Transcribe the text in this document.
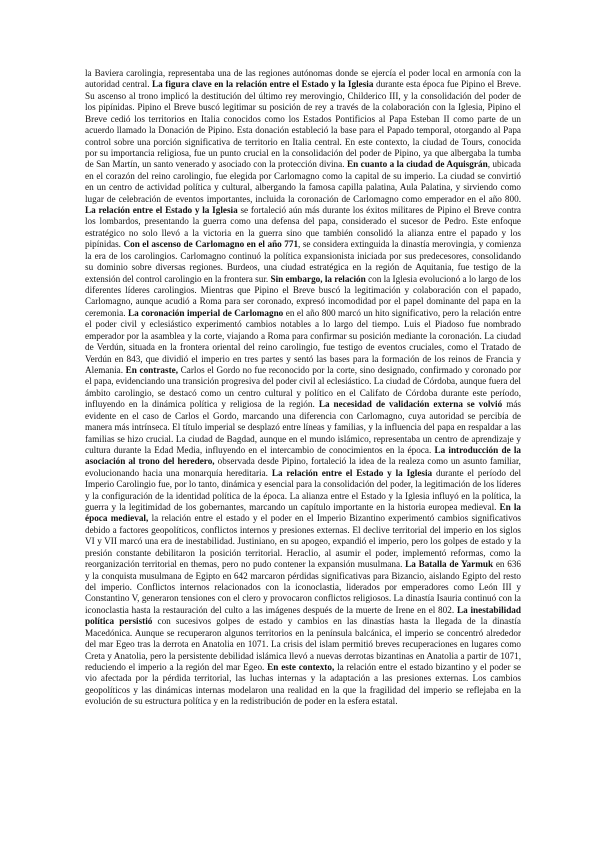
la Baviera carolingia, representaba una de las regiones autónomas donde se ejercía el poder local en armonía con la autoridad central. La figura clave en la relación entre el Estado y la Iglesia durante esta época fue Pipino el Breve. Su ascenso al trono implicó la destitución del último rey merovingio, Childerico III, y la consolidación del poder de los pipínidas. Pipino el Breve buscó legitimar su posición de rey a través de la colaboración con la Iglesia, Pipino el Breve cedió los territorios en Italia conocidos como los Estados Pontificios al Papa Esteban II como parte de un acuerdo llamado la Donación de Pipino. Esta donación estableció la base para el Papado temporal, otorgando al Papa control sobre una porción significativa de territorio en Italia central. En este contexto, la ciudad de Tours, conocida por su importancia religiosa, fue un punto crucial en la consolidación del poder de Pipino, ya que albergaba la tumba de San Martín, un santo venerado y asociado con la protección divina. En cuanto a la ciudad de Aquisgrán, ubicada en el corazón del reino carolingio, fue elegida por Carlomagno como la capital de su imperio. La ciudad se convirtió en un centro de actividad política y cultural, albergando la famosa capilla palatina, Aula Palatina, y sirviendo como lugar de celebración de eventos importantes, incluida la coronación de Carlomagno como emperador en el año 800. La relación entre el Estado y la Iglesia se fortaleció aún más durante los éxitos militares de Pipino el Breve contra los lombardos, presentando la guerra como una defensa del papa, considerado el sucesor de Pedro. Este enfoque estratégico no solo llevó a la victoria en la guerra sino que también consolidó la alianza entre el papado y los pipínidas. Con el ascenso de Carlomagno en el año 771, se considera extinguida la dinastía merovingia, y comienza la era de los carolingios. Carlomagno continuó la política expansionista iniciada por sus predecesores, consolidando su dominio sobre diversas regiones. Burdeos, una ciudad estratégica en la región de Aquitania, fue testigo de la extensión del control carolingio en la frontera sur. Sin embargo, la relación con la Iglesia evolucionó a lo largo de los diferentes líderes carolingios. Mientras que Pipino el Breve buscó la legitimación y colaboración con el papado, Carlomagno, aunque acudió a Roma para ser coronado, expresó incomodidad por el papel dominante del papa en la ceremonia. La coronación imperial de Carlomagno en el año 800 marcó un hito significativo, pero la relación entre el poder civil y eclesiástico experimentó cambios notables a lo largo del tiempo. Luis el Piadoso fue nombrado emperador por la asamblea y la corte, viajando a Roma para confirmar su posición mediante la coronación. La ciudad de Verdún, situada en la frontera oriental del reino carolingio, fue testigo de eventos cruciales, como el Tratado de Verdún en 843, que dividió el imperio en tres partes y sentó las bases para la formación de los reinos de Francia y Alemania. En contraste, Carlos el Gordo no fue reconocido por la corte, sino designado, confirmado y coronado por el papa, evidenciando una transición progresiva del poder civil al eclesiástico. La ciudad de Córdoba, aunque fuera del ámbito carolingio, se destacó como un centro cultural y político en el Califato de Córdoba durante este período, influyendo en la dinámica política y religiosa de la región. La necesidad de validación externa se volvió más evidente en el caso de Carlos el Gordo, marcando una diferencia con Carlomagno, cuya autoridad se percibía de manera más intrínseca. El título imperial se desplazó entre líneas y familias, y la influencia del papa en respaldar a las familias se hizo crucial. La ciudad de Bagdad, aunque en el mundo islámico, representaba un centro de aprendizaje y cultura durante la Edad Media, influyendo en el intercambio de conocimientos en la época. La introducción de la asociación al trono del heredero, observada desde Pipino, fortaleció la idea de la realeza como un asunto familiar, evolucionando hacia una monarquía hereditaria. La relación entre el Estado y la Iglesia durante el período del Imperio Carolingio fue, por lo tanto, dinámica y esencial para la consolidación del poder, la legitimación de los líderes y la configuración de la identidad política de la época. La alianza entre el Estado y la Iglesia influyó en la política, la guerra y la legitimidad de los gobernantes, marcando un capítulo importante en la historia europea medieval. En la época medieval, la relación entre el estado y el poder en el Imperio Bizantino experimentó cambios significativos debido a factores geopolíticos, conflictos internos y presiones externas. El declive territorial del imperio en los siglos VI y VII marcó una era de inestabilidad. Justiniano, en su apogeo, expandió el imperio, pero los golpes de estado y la presión constante debilitaron la posición territorial. Heraclio, al asumir el poder, implementó reformas, como la reorganización territorial en themas, pero no pudo contener la expansión musulmana. La Batalla de Yarmuk en 636 y la conquista musulmana de Egipto en 642 marcaron pérdidas significativas para Bizancio, aislando Egipto del resto del imperio. Conflictos internos relacionados con la iconoclastia, liderados por emperadores como León III y Constantino V, generaron tensiones con el clero y provocaron conflictos religiosos. La dinastía Isauria continuó con la iconoclastia hasta la restauración del culto a las imágenes después de la muerte de Irene en el 802. La inestabilidad política persistió con sucesivos golpes de estado y cambios en las dinastías hasta la llegada de la dinastía Macedónica. Aunque se recuperaron algunos territorios en la península balcánica, el imperio se concentró alrededor del mar Egeo tras la derrota en Anatolia en 1071. La crisis del islam permitió breves recuperaciones en lugares como Creta y Anatolia, pero la persistente debilidad islámica llevó a nuevas derrotas bizantinas en Anatolia a partir de 1071, reduciendo el imperio a la región del mar Egeo. En este contexto, la relación entre el estado bizantino y el poder se vio afectada por la pérdida territorial, las luchas internas y la adaptación a las presiones externas. Los cambios geopolíticos y las dinámicas internas modelaron una realidad en la que la fragilidad del imperio se reflejaba en la evolución de su estructura política y en la redistribución de poder en la esfera estatal.
